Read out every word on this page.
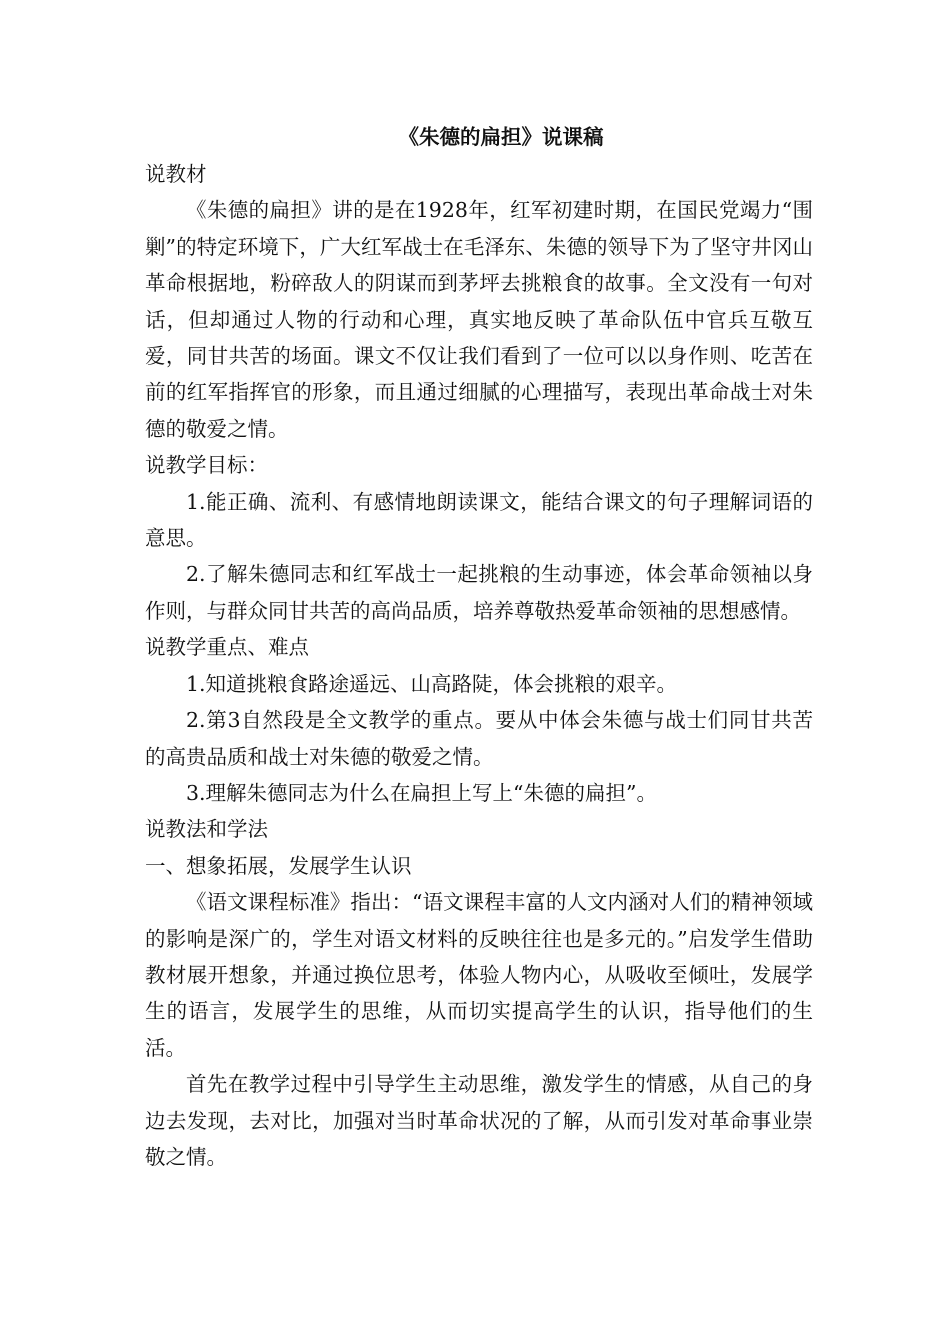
《朱德的扁担》说课稿

说教材

《朱德的扁担》讲的是在1928年，红军初建时期，在国民党竭力“围剿”的特定环境下，广大红军战士在毛泽东、朱德的领导下为了坚守井冈山革命根据地，粉碎敌人的阴谋而到茅坪去挑粮食的故事。全文没有一句对话，但却通过人物的行动和心理，真实地反映了革命队伍中官兵互敬互爱，同甘共苦的场面。课文不仅让我们看到了一位可以以身作则、吃苦在前的红军指挥官的形象，而且通过细腻的心理描写，表现出革命战士对朱德的敬爱之情。

说教学目标：

1.能正确、流利、有感情地朗读课文，能结合课文的句子理解词语的意思。

2.了解朱德同志和红军战士一起挑粮的生动事迹，体会革命领袖以身作则，与群众同甘共苦的高尚品质，培养尊敬热爱革命领袖的思想感情。

说教学重点、难点

1.知道挑粮食路途遥远、山高路陡，体会挑粮的艰辛。

2.第3自然段是全文教学的重点。要从中体会朱德与战士们同甘共苦的高贵品质和战士对朱德的敬爱之情。

3.理解朱德同志为什么在扁担上写上“朱德的扁担”。

说教法和学法

一、想象拓展，发展学生认识

《语文课程标准》指出：“语文课程丰富的人文内涵对人们的精神领域的影响是深广的，学生对语文材料的反映往往也是多元的。”启发学生借助教材展开想象，并通过换位思考，体验人物内心，从吸收至倾吐，发展学生的语言，发展学生的思维，从而切实提高学生的认识，指导他们的生活。

首先在教学过程中引导学生主动思维，激发学生的情感，从自己的身边去发现，去对比，加强对当时革命状况的了解，从而引发对革命事业崇敬之情。
